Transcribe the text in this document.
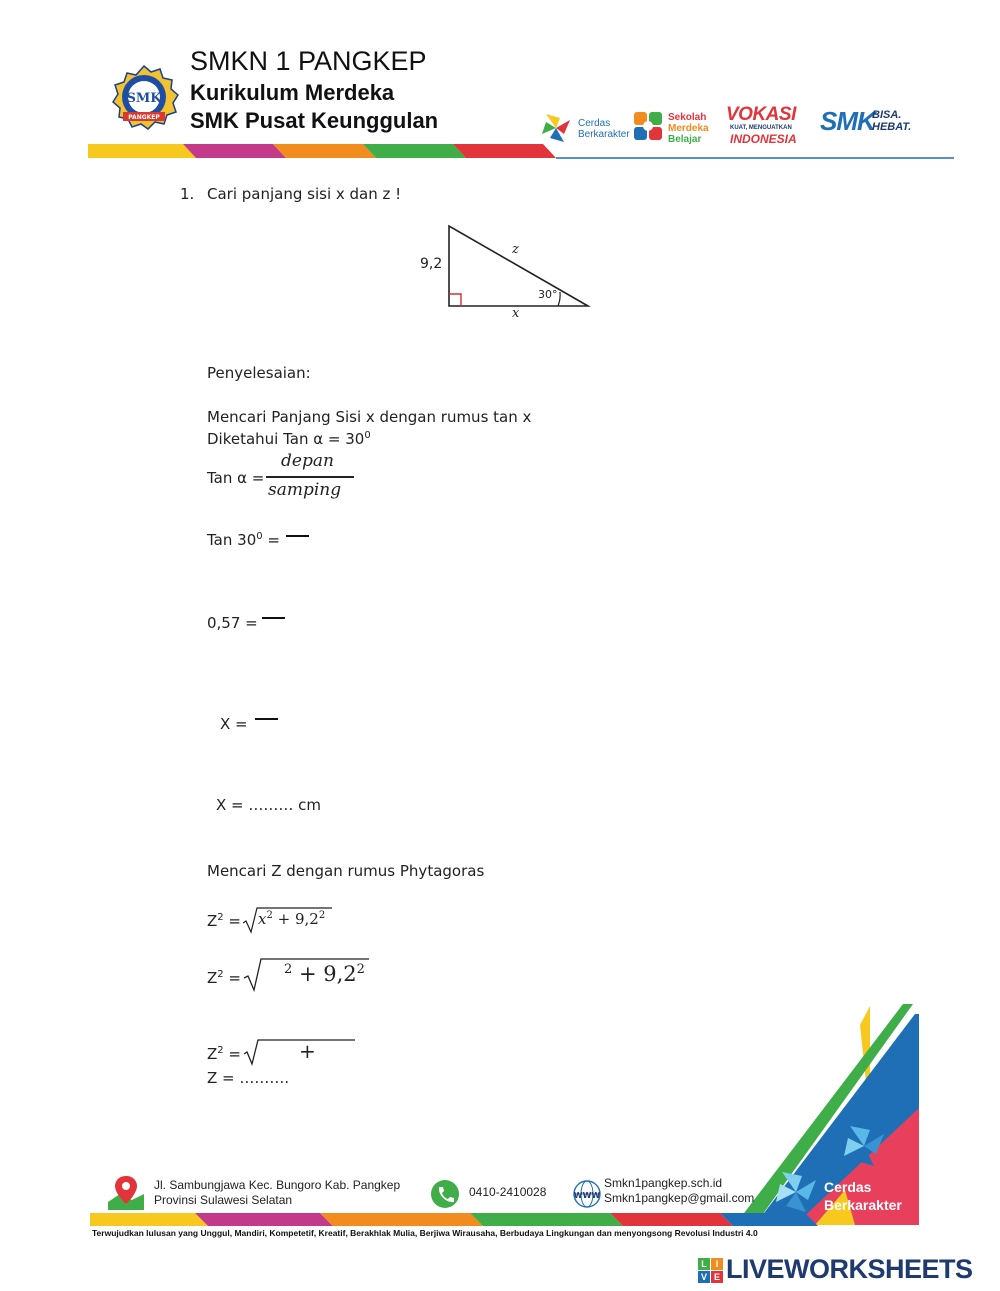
SMK
PANGKEP
SMKN 1 PANGKEP
Kurikulum Merdeka
SMK Pusat Keunggulan	Cerdas
Berkarakter
Sekolah
Merdeka
Belajar
VOKASI
KUAT, MENGUATKAN
INDONESIA
SMK
BISA.
HEBAT.
1. Cari panjang sisi x dan z !
9,2
z
x
30°
Penyelesaian:
Mencari Panjang Sisi x dengan rumus tan x
Diketahui Tan $\alpha = 30^0$
Tan α =
depan
samping
Tan $30^0$ =
0,57 =
X =
X = ……… cm
Mencari Z dengan rumus Phytagoras
$Z^2 = x^2 + 9,2^2$
$Z^2$ =	$^2 + 9,2^2$
$Z^2$ =	+
Z = ……….
Cerdas
Berkarakter
Jl. Sambungjawa Kec. Bungoro Kab. Pangkep
Provinsi Sulawesi Selatan
0410-2410028	WWW
Smkn1pangkep.sch.id
Smkn1pangkep@gmail.com
Terwujudkan lulusan yang Unggul, Mandiri, Kompetetif, Kreatif, Berakhlak Mulia, Berjiwa Wirausaha, Berbudaya Lingkungan dan menyongsong Revolusi Industri 4.0
L I
V E LIVEWORKSHEETS
